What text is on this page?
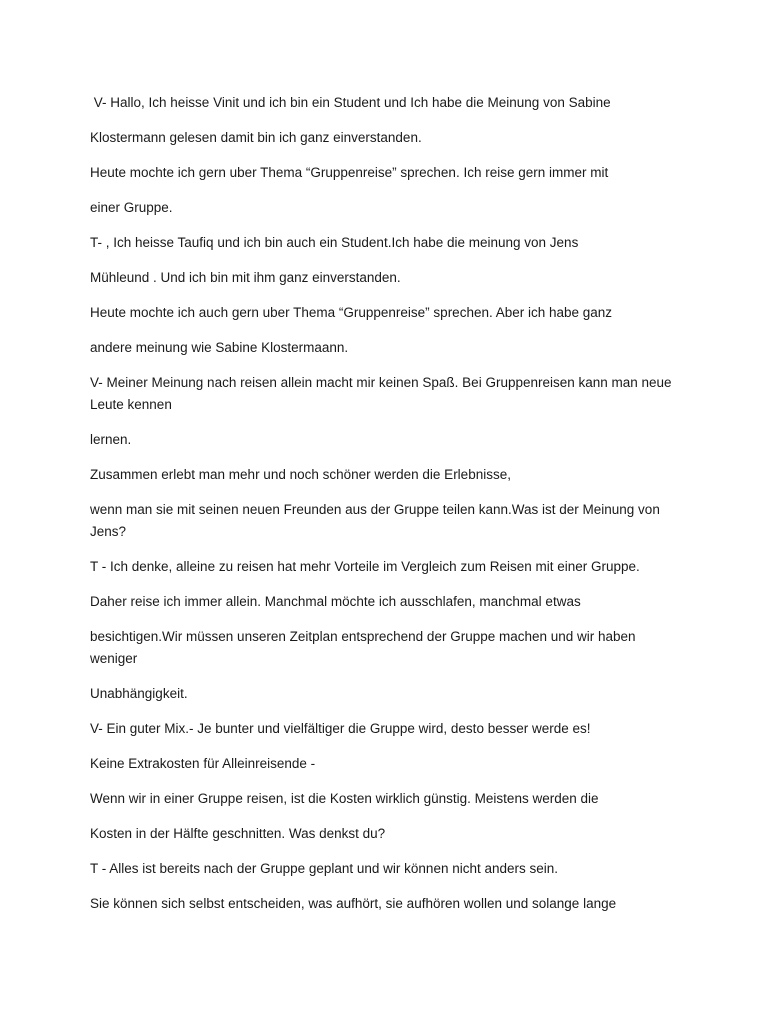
V- Hallo, Ich heisse Vinit und ich bin ein Student und Ich habe die Meinung von Sabine

Klostermann gelesen damit bin ich ganz einverstanden.

Heute mochte ich gern uber Thema “Gruppenreise” sprechen. Ich reise gern immer mit

einer Gruppe.

T- , Ich heisse Taufiq und ich bin auch ein Student.Ich habe die meinung von Jens

Mühleund . Und ich bin mit ihm ganz einverstanden.

Heute mochte ich auch gern uber Thema “Gruppenreise” sprechen. Aber ich habe ganz

andere meinung wie Sabine Klostermaann.

V- Meiner Meinung nach reisen allein macht mir keinen Spaß. Bei Gruppenreisen kann man neue Leute kennen

lernen.

Zusammen erlebt man mehr und noch schöner werden die Erlebnisse,

wenn man sie mit seinen neuen Freunden aus der Gruppe teilen kann.Was ist der Meinung von Jens?

T - Ich denke, alleine zu reisen hat mehr Vorteile im Vergleich zum Reisen mit einer Gruppe.

Daher reise ich immer allein. Manchmal möchte ich ausschlafen, manchmal etwas

besichtigen.Wir müssen unseren Zeitplan entsprechend der Gruppe machen und wir haben weniger

Unabhängigkeit.

V- Ein guter Mix.- Je bunter und vielfältiger die Gruppe wird, desto besser werde es!

Keine Extrakosten für Alleinreisende -

Wenn wir in einer Gruppe reisen, ist die Kosten wirklich günstig. Meistens werden die

Kosten in der Hälfte geschnitten. Was denkst du?

T - Alles ist bereits nach der Gruppe geplant und wir können nicht anders sein.

Sie können sich selbst entscheiden, was aufhört, sie aufhören wollen und solange lange
